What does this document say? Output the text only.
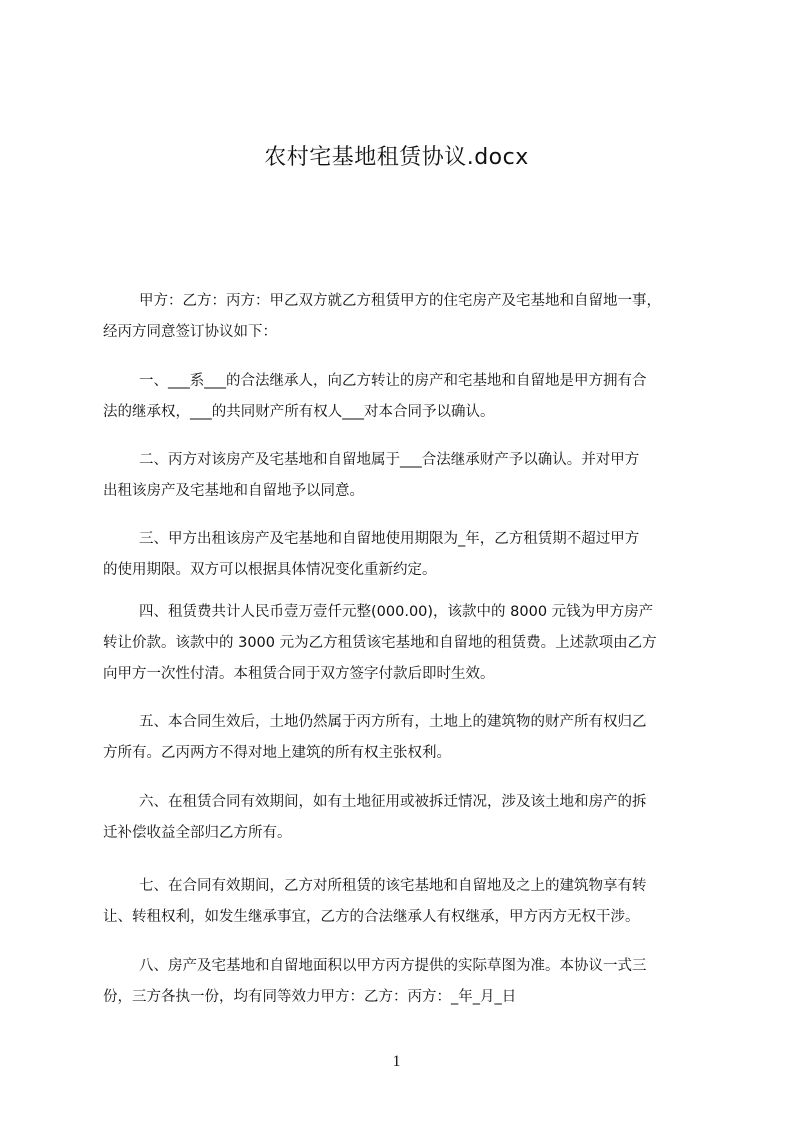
农村宅基地租赁协议.docx
甲方：乙方：丙方：甲乙双方就乙方租赁甲方的住宅房产及宅基地和自留地一事，
经丙方同意签订协议如下：
一、___系___的合法继承人，向乙方转让的房产和宅基地和自留地是甲方拥有合
法的继承权，___的共同财产所有权人___对本合同予以确认。
二、丙方对该房产及宅基地和自留地属于___合法继承财产予以确认。并对甲方
出租该房产及宅基地和自留地予以同意。
三、甲方出租该房产及宅基地和自留地使用期限为_年，乙方租赁期不超过甲方
的使用期限。双方可以根据具体情况变化重新约定。
四、租赁费共计人民币壹万壹仟元整(000.00)，该款中的 8000 元钱为甲方房产
转让价款。该款中的 3000 元为乙方租赁该宅基地和自留地的租赁费。上述款项由乙方
向甲方一次性付清。本租赁合同于双方签字付款后即时生效。
五、本合同生效后，土地仍然属于丙方所有，土地上的建筑物的财产所有权归乙
方所有。乙丙两方不得对地上建筑的所有权主张权利。
六、在租赁合同有效期间，如有土地征用或被拆迁情况，涉及该土地和房产的拆
迁补偿收益全部归乙方所有。
七、在合同有效期间，乙方对所租赁的该宅基地和自留地及之上的建筑物享有转
让、转租权利，如发生继承事宜，乙方的合法继承人有权继承，甲方丙方无权干涉。
八、房产及宅基地和自留地面积以甲方丙方提供的实际草图为准。本协议一式三
份，三方各执一份，均有同等效力甲方：乙方：丙方：_年_月_日
1
